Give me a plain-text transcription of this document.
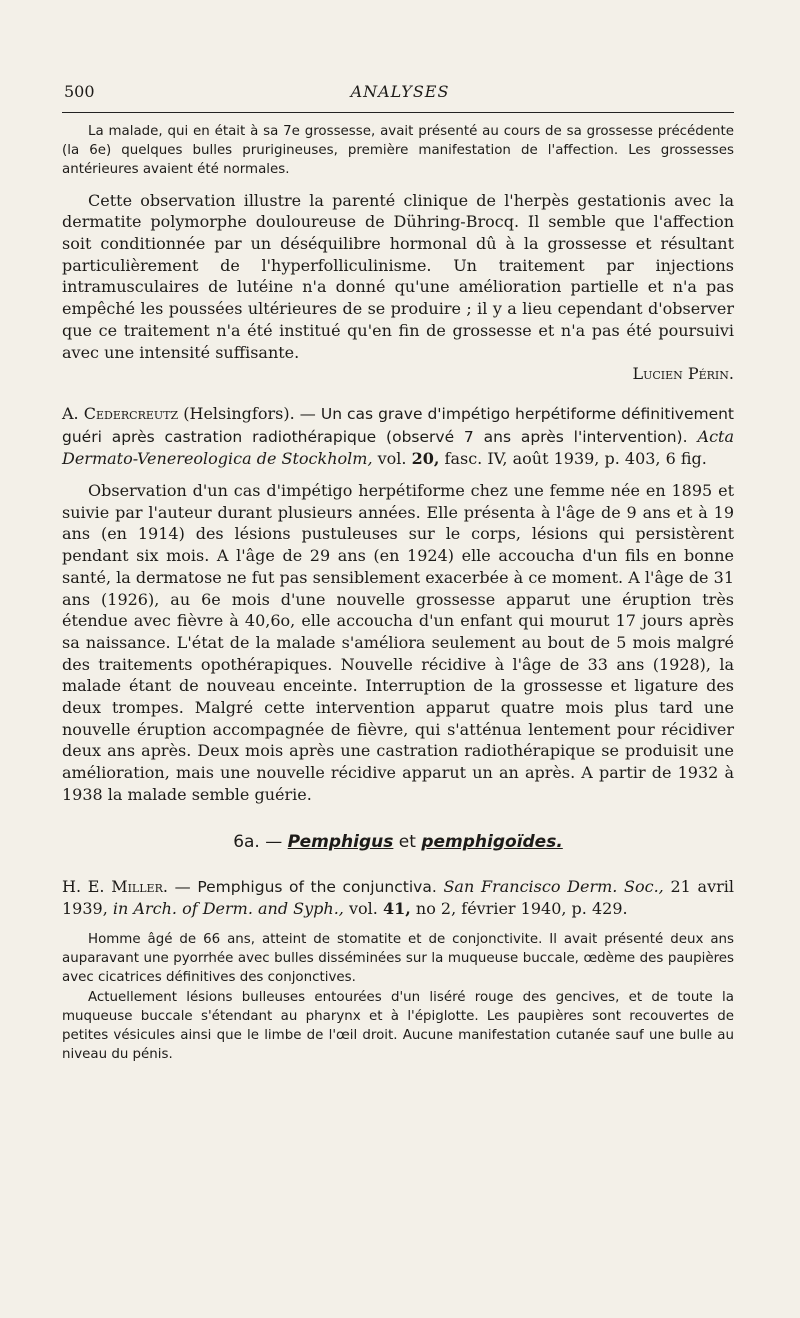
500	ANALYSES

La malade, qui en était à sa 7e grossesse, avait présenté au cours de sa grossesse précédente (la 6e) quelques bulles prurigineuses, première manifestation de l'affection. Les grossesses antérieures avaient été normales.

Cette observation illustre la parenté clinique de l'herpès gestationis avec la dermatite polymorphe douloureuse de Dühring-Brocq. Il semble que l'affection soit conditionnée par un déséquilibre hormonal dû à la grossesse et résultant particulièrement de l'hyperfolliculinisme. Un traitement par injections intramusculaires de lutéine n'a donné qu'une amélioration partielle et n'a pas empêché les poussées ultérieures de se produire ; il y a lieu cependant d'observer que ce traitement n'a été institué qu'en fin de grossesse et n'a pas été poursuivi avec une intensité suffisante.

Lucien Périn.

A. Cedercreutz (Helsingfors). — Un cas grave d'impétigo herpétiforme définitivement guéri après castration radiothérapique (observé 7 ans après l'intervention). Acta Dermato-Venereologica de Stockholm, vol. 20, fasc. IV, août 1939, p. 403, 6 fig.

Observation d'un cas d'impétigo herpétiforme chez une femme née en 1895 et suivie par l'auteur durant plusieurs années. Elle présenta à l'âge de 9 ans et à 19 ans (en 1914) des lésions pustuleuses sur le corps, lésions qui persistèrent pendant six mois. A l'âge de 29 ans (en 1924) elle accoucha d'un fils en bonne santé, la dermatose ne fut pas sensiblement exacerbée à ce moment. A l'âge de 31 ans (1926), au 6e mois d'une nouvelle grossesse apparut une éruption très étendue avec fièvre à 40,6o, elle accoucha d'un enfant qui mourut 17 jours après sa naissance. L'état de la malade s'améliora seulement au bout de 5 mois malgré des traitements opothérapiques. Nouvelle récidive à l'âge de 33 ans (1928), la malade étant de nouveau enceinte. Interruption de la grossesse et ligature des deux trompes. Malgré cette intervention apparut quatre mois plus tard une nouvelle éruption accompagnée de fièvre, qui s'atténua lentement pour récidiver deux ans après. Deux mois après une castration radiothérapique se produisit une amélioration, mais une nouvelle récidive apparut un an après. A partir de 1932 à 1938 la malade semble guérie.

6a. — Pemphigus et pemphigoïdes.

H. E. Miller. — Pemphigus of the conjunctiva. San Francisco Derm. Soc., 21 avril 1939, in Arch. of Derm. and Syph., vol. 41, no 2, février 1940, p. 429.

Homme âgé de 66 ans, atteint de stomatite et de conjonctivite. Il avait présenté deux ans auparavant une pyorrhée avec bulles disséminées sur la muqueuse buccale, œdème des paupières avec cicatrices définitives des conjonctives.

Actuellement lésions bulleuses entourées d'un liséré rouge des gencives, et de toute la muqueuse buccale s'étendant au pharynx et à l'épiglotte. Les paupières sont recouvertes de petites vésicules ainsi que le limbe de l'œil droit. Aucune manifestation cutanée sauf une bulle au niveau du pénis.
